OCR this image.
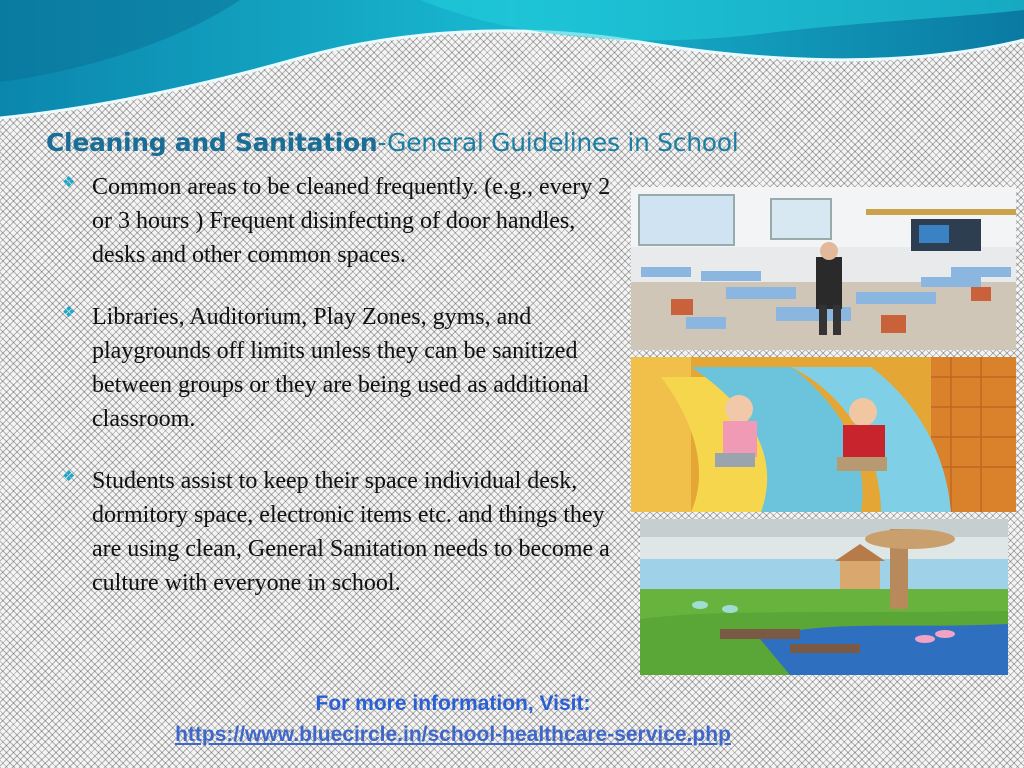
Cleaning and Sanitation-General Guidelines in School
❖ Common areas to be cleaned frequently. (e.g., every 2 or 3 hours ) Frequent disinfecting of door handles, desks and other common spaces.
❖ Libraries, Auditorium, Play Zones, gyms, and playgrounds off limits unless they can be sanitized between groups or they are being used as additional classroom.
❖ Students assist to keep their space individual desk, dormitory space, electronic items etc. and things they are using clean, General Sanitation needs to become a culture with everyone in school.
For more information, Visit:
https://www.bluecircle.in/school-healthcare-service.php
